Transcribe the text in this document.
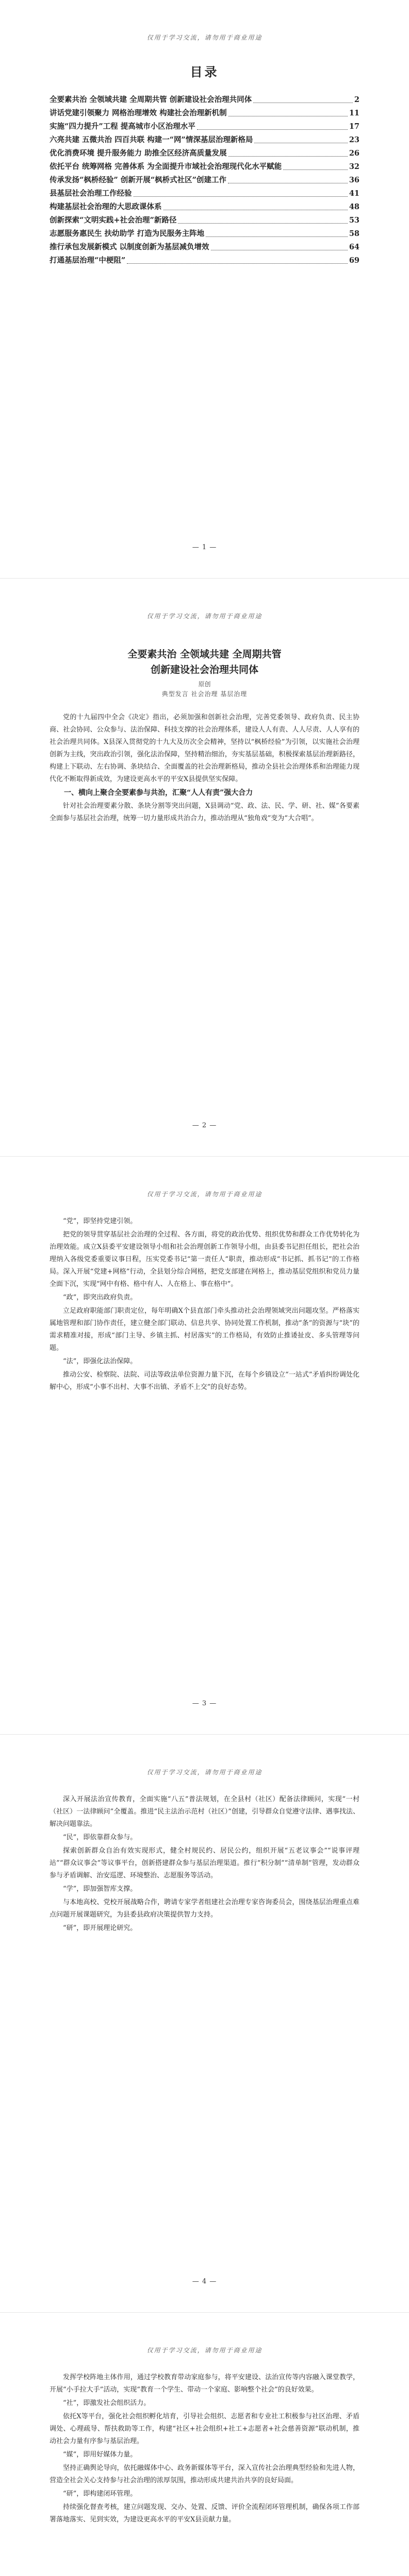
仅用于学习交流，请勿用于商业用途
目录
全要素共治 全领域共建 全周期共管 创新建设社会治理共同体	2
讲话党建引领聚力 网格治理增效 构建社会治理新机制	11
实施“四力提升”工程 提高城市小区治理水平	17
六亮共建 五微共治 四百共联 构建一“网”情深基层治理新格局	23
优化消费环境 提升服务能力 助推全区经济高质量发展	26
依托平台 统筹网格 完善体系 为全面提升市域社会治理现代化水平赋能	32
传承发扬“枫桥经验” 创新开展“枫桥式社区”创建工作	36
县基层社会治理工作经验	41
构建基层社会治理的大思政课体系	48
创新探索“文明实践+社会治理”新路径	53
志愿服务惠民生 扶幼助学 打造为民服务主阵地	58
推行承包发展新模式 以制度创新为基层减负增效	64
打通基层治理“中梗阻”	69
— 1 —
仅用于学习交流，请勿用于商业用途
全要素共治 全领域共建 全周期共管
创新建设社会治理共同体
原创
典型发言 社会治理 基层治理

党的十九届四中全会《决定》指出，必须加强和创新社会治理，完善党委领导、政府负责、民主协商、社会协同、公众参与、法治保障、科技支撑的社会治理体系，建设人人有责、人人尽责、人人享有的社会治理共同体。X县深入贯彻党的十九大及历次全会精神，坚持以“枫桥经验”为引领，以实施社会治理创新为主线，突出政治引领，强化法治保障，坚持精治细治，夯实基层基础，积极探索基层治理新路径，构建上下联动、左右协调、条块结合、全面覆盖的社会治理新格局，推动全县社会治理体系和治理能力现代化不断取得新成效，为建设更高水平的平安X县提供坚实保障。

一、横向上聚合全要素参与共治，汇聚“人人有责”强大合力

针对社会治理要素分散、条块分割等突出问题，X县调动“党、政、法、民、学、研、社、媒”各要素全面参与基层社会治理，统筹一切力量形成共治合力，推动治理从“独角戏”变为“大合唱”。

— 2 —
仅用于学习交流，请勿用于商业用途

“党”，即坚持党建引领。

把党的领导贯穿基层社会治理的全过程、各方面，将党的政治优势、组织优势和群众工作优势转化为治理效能。成立X县委平安建设领导小组和社会治理创新工作领导小组，由县委书记担任组长，把社会治理纳入各级党委重要议事日程，压实党委书记“第一责任人”职责，推动形成“书记抓、抓书记”的工作格局。深入开展“党建+网格”行动，全县划分综合网格，把党支部建在网格上，推动基层党组织和党员力量全面下沉，实现“网中有格、格中有人、人在格上、事在格中”。

“政”，即突出政府负责。

立足政府职能部门职责定位，每年明确X个县直部门牵头推动社会治理领域突出问题攻坚。严格落实属地管理和部门协作责任，建立健全部门联动、信息共享、协同处置工作机制，推动“条”的资源与“块”的需求精准对接，形成“部门主导、乡镇主抓、村居落实”的工作格局，有效防止推诿扯皮、多头管理等问题。

“法”，即强化法治保障。

推动公安、检察院、法院、司法等政法单位资源力量下沉，在每个乡镇设立“一站式”矛盾纠纷调处化解中心，形成“小事不出村、大事不出镇、矛盾不上交”的良好态势。

— 3 —
仅用于学习交流，请勿用于商业用途

深入开展法治宣传教育，全面实施“八五”普法规划，在全县村（社区）配备法律顾问，实现“一村（社区）一法律顾问”全覆盖。推进“民主法治示范村（社区）”创建，引导群众自觉遵守法律、遇事找法、解决问题靠法。

“民”，即依靠群众参与。

探索创新群众自治有效实现形式，健全村规民约、居民公约，组织开展“五老议事会”“说事评理站”“群众议事会”等议事平台，创新搭建群众参与基层治理渠道。推行“积分制”“清单制”管理，发动群众参与矛盾调解、治安巡逻、环境整治、志愿服务等活动。

“学”，即加强智库支撑。

与本地高校、党校开展战略合作，聘请专家学者组建社会治理专家咨询委员会，围绕基层治理重点难点问题开展课题研究，为县委县政府决策提供智力支持。

“研”，即开展理论研究。

— 4 —
仅用于学习交流，请勿用于商业用途

发挥学校阵地主体作用，通过学校教育带动家庭参与，将平安建设、法治宣传等内容融入课堂教学，开展“小手拉大手”活动，实现“教育一个学生、带动一个家庭、影响整个社会”的良好效果。

“社”，即激发社会组织活力。

依托X等平台，强化社会组织孵化培育，引导社会组织、志愿者和专业社工积极参与社区治理、矛盾调处、心理疏导、帮扶救助等工作，构建“社区+社会组织+社工+志愿者+社会慈善资源”联动机制，推动社会力量有序参与基层治理。

“媒”，即用好媒体力量。

坚持正确舆论导向，依托融媒体中心、政务新媒体等平台，深入宣传社会治理典型经验和先进人物，营造全社会关心支持参与社会治理的浓厚氛围，推动形成共建共治共享的良好局面。

“研”，即构建闭环管理。

持续强化督查考核，建立问题发现、交办、处置、反馈、评价全流程闭环管理机制，确保各项工作部署落地落实、见到实效，为建设更高水平的平安X县贡献力量。
